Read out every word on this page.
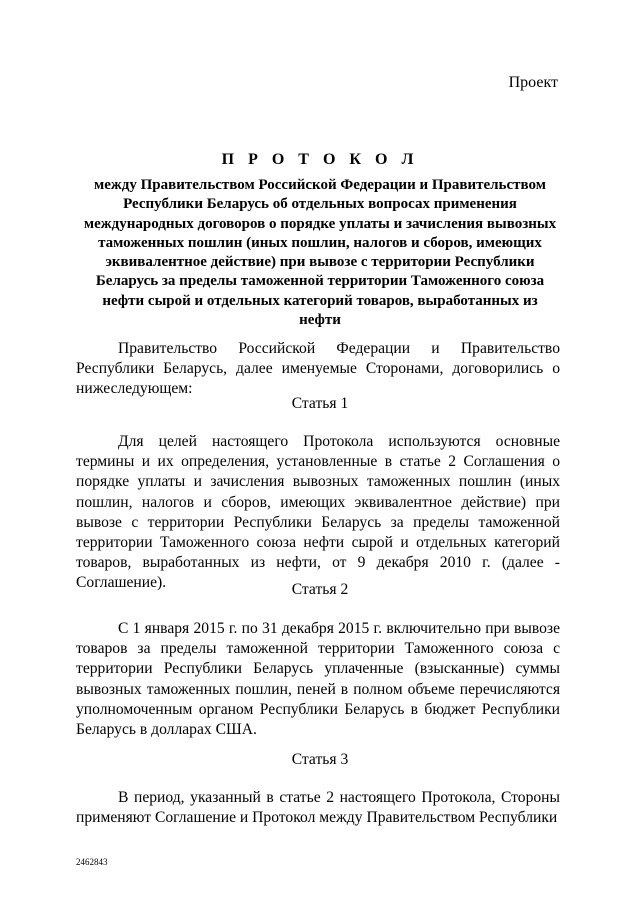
Проект
П Р О Т О К О Л
между Правительством Российской Федерации и Правительством Республики Беларусь об отдельных вопросах применения международных договоров о порядке уплаты и зачисления вывозных таможенных пошлин (иных пошлин, налогов и сборов, имеющих эквивалентное действие) при вывозе с территории Республики Беларусь за пределы таможенной территории Таможенного союза нефти сырой и отдельных категорий товаров, выработанных из нефти

Правительство Российской Федерации и Правительство Республики Беларусь, далее именуемые Сторонами, договорились о нижеследующем:

Статья 1

Для целей настоящего Протокола используются основные термины и их определения, установленные в статье 2 Соглашения о порядке уплаты и зачисления вывозных таможенных пошлин (иных пошлин, налогов и сборов, имеющих эквивалентное действие) при вывозе с территории Республики Беларусь за пределы таможенной территории Таможенного союза нефти сырой и отдельных категорий товаров, выработанных из нефти, от 9 декабря 2010 г. (далее - Соглашение).	Статья 2

С 1 января 2015 г. по 31 декабря 2015 г. включительно при вывозе товаров за пределы таможенной территории Таможенного союза с территории Республики Беларусь уплаченные (взысканные) суммы вывозных таможенных пошлин, пеней в полном объеме перечисляются уполномоченным органом Республики Беларусь в бюджет Республики Беларусь в долларах США.

Статья 3

В период, указанный в статье 2 настоящего Протокола, Стороны применяют Соглашение и Протокол между Правительством Республики

2462843
